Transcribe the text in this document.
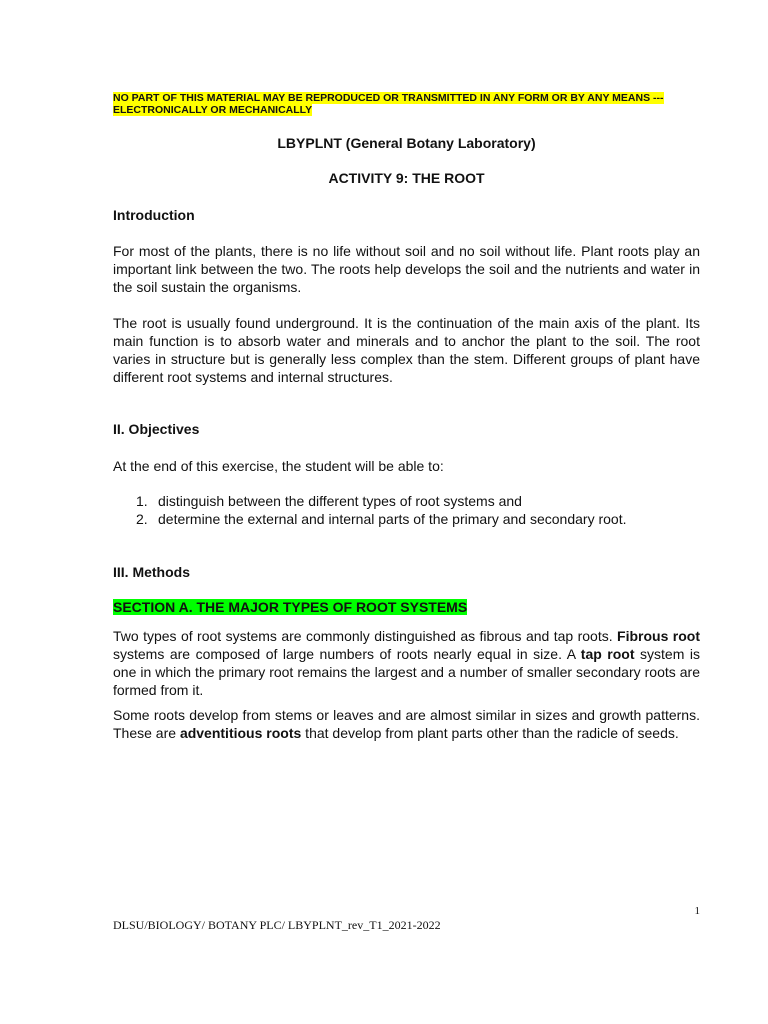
NO PART OF THIS MATERIAL MAY BE REPRODUCED OR TRANSMITTED IN ANY FORM OR BY ANY MEANS ---
ELECTRONICALLY OR MECHANICALLY
LBYPLNT (General Botany Laboratory)
ACTIVITY 9: THE ROOT
Introduction
For most of the plants, there is no life without soil and no soil without life. Plant roots play an important link between the two. The roots help develops the soil and the nutrients and water in the soil sustain the organisms.
The root is usually found underground. It is the continuation of the main axis of the plant. Its main function is to absorb water and minerals and to anchor the plant to the soil. The root varies in structure but is generally less complex than the stem. Different groups of plant have different root systems and internal structures.
II. Objectives
At the end of this exercise, the student will be able to:
1. distinguish between the different types of root systems and
2. determine the external and internal parts of the primary and secondary root.
III. Methods
SECTION A. THE MAJOR TYPES OF ROOT SYSTEMS
Two types of root systems are commonly distinguished as fibrous and tap roots. Fibrous root systems are composed of large numbers of roots nearly equal in size. A tap root system is one in which the primary root remains the largest and a number of smaller secondary roots are formed from it.
Some roots develop from stems or leaves and are almost similar in sizes and growth patterns. These are adventitious roots that develop from plant parts other than the radicle of seeds.
1
DLSU/BIOLOGY/ BOTANY PLC/ LBYPLNT_rev_T1_2021-2022
